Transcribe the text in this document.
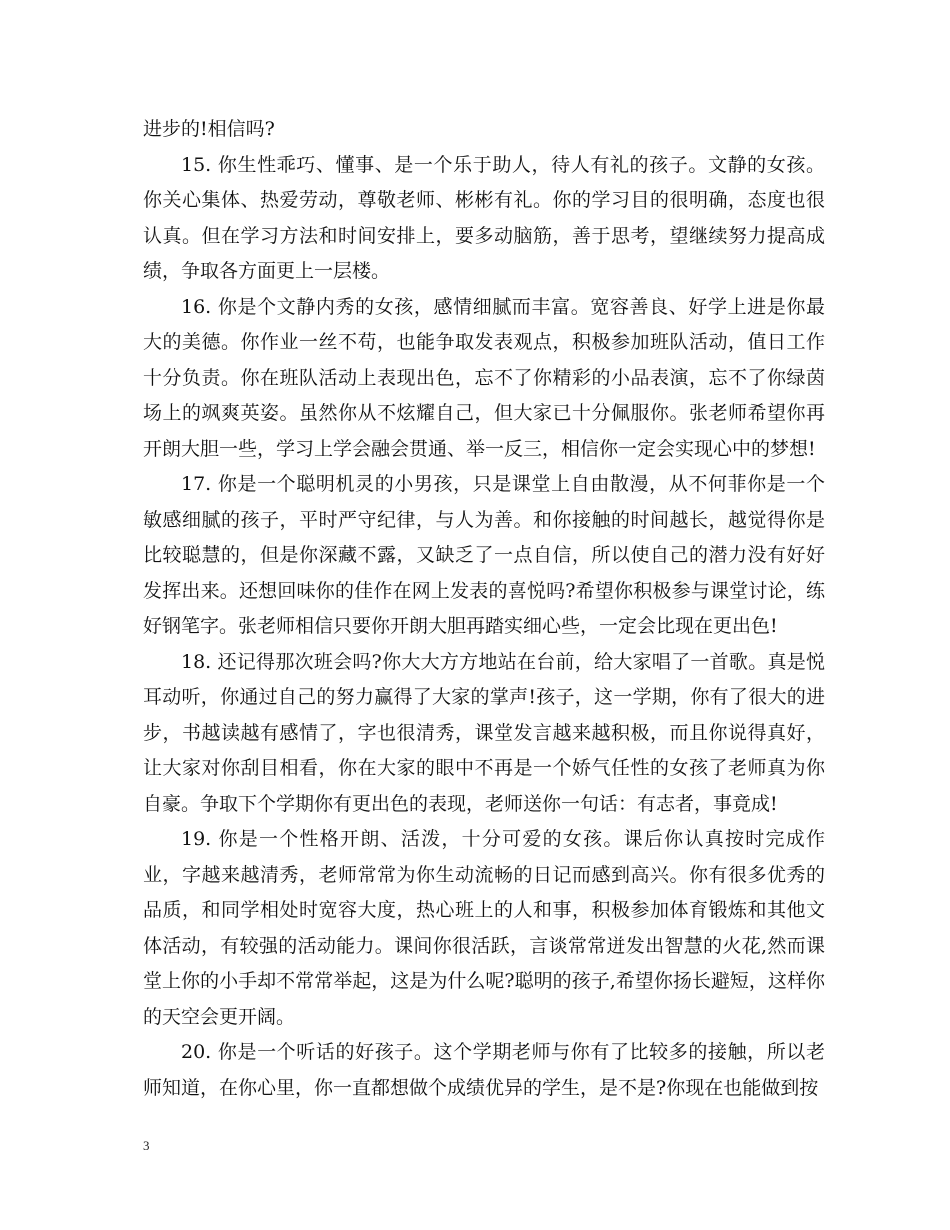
进步的!相信吗?

15. 你生性乖巧、懂事、是一个乐于助人，待人有礼的孩子。文静的女孩。你关心集体、热爱劳动，尊敬老师、彬彬有礼。你的学习目的很明确，态度也很认真。但在学习方法和时间安排上，要多动脑筋，善于思考，望继续努力提高成绩，争取各方面更上一层楼。

16. 你是个文静内秀的女孩，感情细腻而丰富。宽容善良、好学上进是你最大的美德。你作业一丝不苟，也能争取发表观点，积极参加班队活动，值日工作十分负责。你在班队活动上表现出色，忘不了你精彩的小品表演，忘不了你绿茵场上的飒爽英姿。虽然你从不炫耀自己，但大家已十分佩服你。张老师希望你再开朗大胆一些，学习上学会融会贯通、举一反三，相信你一定会实现心中的梦想!

17. 你是一个聪明机灵的小男孩，只是课堂上自由散漫，从不何菲你是一个敏感细腻的孩子，平时严守纪律，与人为善。和你接触的时间越长，越觉得你是比较聪慧的，但是你深藏不露，又缺乏了一点自信，所以使自己的潜力没有好好发挥出来。还想回味你的佳作在网上发表的喜悦吗?希望你积极参与课堂讨论，练好钢笔字。张老师相信只要你开朗大胆再踏实细心些，一定会比现在更出色!

18. 还记得那次班会吗?你大大方方地站在台前，给大家唱了一首歌。真是悦耳动听，你通过自己的努力赢得了大家的掌声!孩子，这一学期，你有了很大的进步，书越读越有感情了，字也很清秀，课堂发言越来越积极，而且你说得真好，让大家对你刮目相看，你在大家的眼中不再是一个娇气任性的女孩了老师真为你自豪。争取下个学期你有更出色的表现，老师送你一句话：有志者，事竟成!

19. 你是一个性格开朗、活泼，十分可爱的女孩。课后你认真按时完成作业，字越来越清秀，老师常常为你生动流畅的日记而感到高兴。你有很多优秀的品质，和同学相处时宽容大度，热心班上的人和事，积极参加体育锻炼和其他文体活动，有较强的活动能力。课间你很活跃，言谈常常迸发出智慧的火花,然而课堂上你的小手却不常常举起，这是为什么呢?聪明的孩子,希望你扬长避短，这样你的天空会更开阔。

20. 你是一个听话的好孩子。这个学期老师与你有了比较多的接触，所以老师知道，在你心里，你一直都想做个成绩优异的学生，是不是?你现在也能做到按

3
